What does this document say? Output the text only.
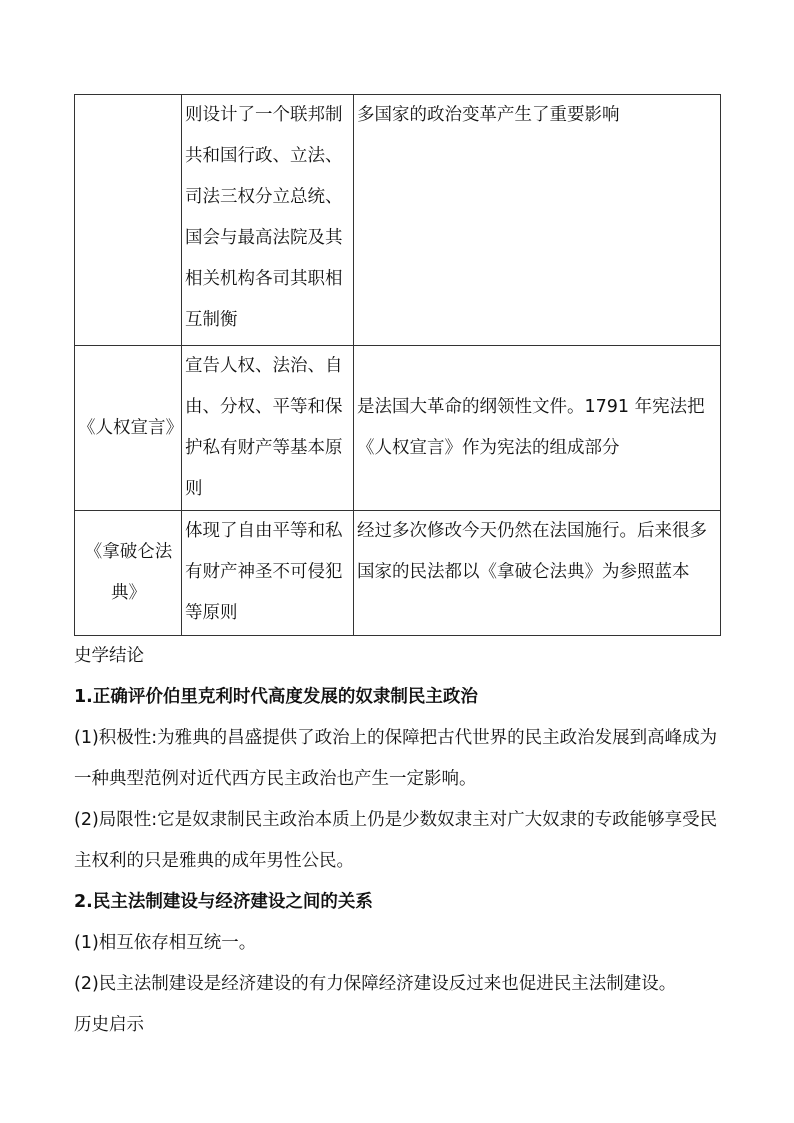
	则设计了一个联邦制共和国行政、立法、司法三权分立总统、国会与最高法院及其相关机构各司其职相互制衡	多国家的政治变革产生了重要影响
《人权宣言》	宣告人权、法治、自由、分权、平等和保护私有财产等基本原则	是法国大革命的纲领性文件。1791 年宪法把《人权宣言》作为宪法的组成部分
《拿破仑法典》	体现了自由平等和私有财产神圣不可侵犯等原则	经过多次修改今天仍然在法国施行。后来很多国家的民法都以《拿破仑法典》为参照蓝本

史学结论

1.正确评价伯里克利时代高度发展的奴隶制民主政治

(1)积极性:为雅典的昌盛提供了政治上的保障把古代世界的民主政治发展到高峰成为一种典型范例对近代西方民主政治也产生一定影响。

(2)局限性:它是奴隶制民主政治本质上仍是少数奴隶主对广大奴隶的专政能够享受民主权利的只是雅典的成年男性公民。

2.民主法制建设与经济建设之间的关系

(1)相互依存相互统一。

(2)民主法制建设是经济建设的有力保障经济建设反过来也促进民主法制建设。

历史启示
